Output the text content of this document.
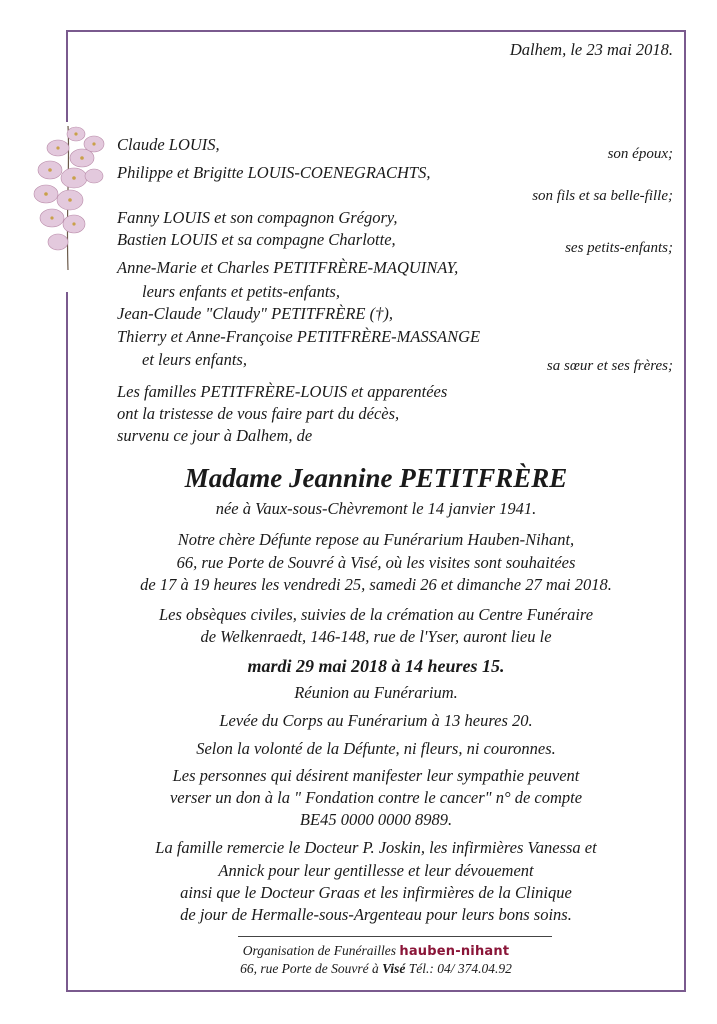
Dalhem, le 23 mai 2018.
Claude LOUIS,	son époux;
Philippe et Brigitte LOUIS-COENEGRACHTS,
son fils et sa belle-fille;
Fanny LOUIS et son compagnon Grégory,
Bastien LOUIS et sa compagne Charlotte,	ses petits-enfants;
Anne-Marie et Charles PETITFRÈRE-MAQUINAY,
leurs enfants et petits-enfants,
Jean-Claude "Claudy" PETITFRÈRE (†),
Thierry et Anne-Françoise PETITFRÈRE-MASSANGE
et leurs enfants,	sa sœur et ses frères;
Les familles PETITFRÈRE-LOUIS et apparentées
ont la tristesse de vous faire part du décès,
survenu ce jour à Dalhem, de
Madame Jeannine PETITFRÈRE
née à Vaux-sous-Chèvremont le 14 janvier 1941.
Notre chère Défunte repose au Funérarium Hauben-Nihant,
66, rue Porte de Souvré à Visé, où les visites sont souhaitées
de 17 à 19 heures les vendredi 25, samedi 26 et dimanche 27 mai 2018.
Les obsèques civiles, suivies de la crémation au Centre Funéraire
de Welkenraedt, 146-148, rue de l'Yser, auront lieu le
mardi 29 mai 2018 à 14 heures 15.
Réunion au Funérarium.
Levée du Corps au Funérarium à 13 heures 20.
Selon la volonté de la Défunte, ni fleurs, ni couronnes.
Les personnes qui désirent manifester leur sympathie peuvent
verser un don à la " Fondation contre le cancer" n° de compte
BE45 0000 0000 8989.
La famille remercie le Docteur P. Joskin, les infirmières Vanessa et
Annick pour leur gentillesse et leur dévouement
ainsi que le Docteur Graas et les infirmières de la Clinique
de jour de Hermalle-sous-Argenteau pour leurs bons soins.
Organisation de Funérailles hauben-nihant
66, rue Porte de Souvré à Visé Tél.: 04/ 374.04.92
